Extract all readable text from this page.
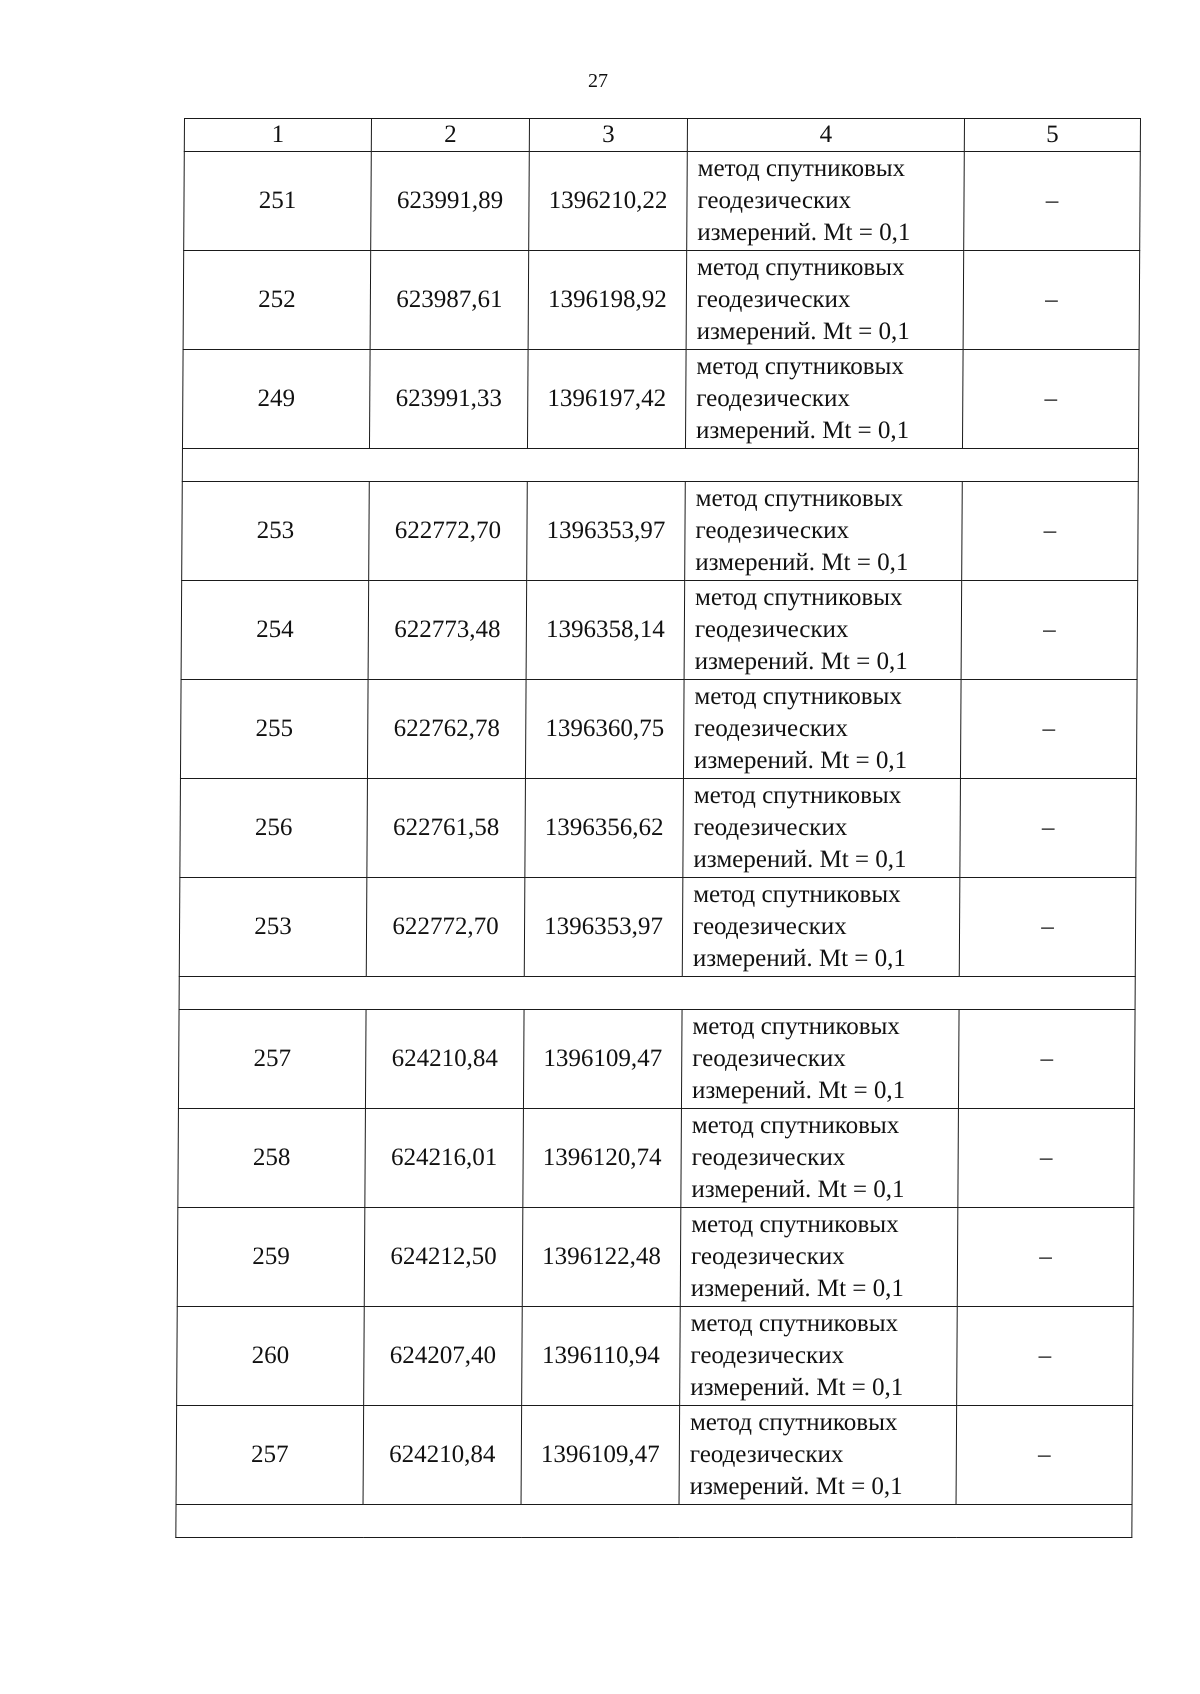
27
1	2	3	4	5
251	623991,89	1396210,22	метод спутниковых
геодезических
измерений. Mt = 0,1	–
252	623987,61	1396198,92	метод спутниковых
геодезических
измерений. Mt = 0,1	–
249	623991,33	1396197,42	метод спутниковых
геодезических
измерений. Mt = 0,1	–

253	622772,70	1396353,97	метод спутниковых
геодезических
измерений. Mt = 0,1	–
254	622773,48	1396358,14	метод спутниковых
геодезических
измерений. Mt = 0,1	–
255	622762,78	1396360,75	метод спутниковых
геодезических
измерений. Mt = 0,1	–
256	622761,58	1396356,62	метод спутниковых
геодезических
измерений. Mt = 0,1	–
253	622772,70	1396353,97	метод спутниковых
геодезических
измерений. Mt = 0,1	–

257	624210,84	1396109,47	метод спутниковых
геодезических
измерений. Mt = 0,1	–
258	624216,01	1396120,74	метод спутниковых
геодезических
измерений. Mt = 0,1	–
259	624212,50	1396122,48	метод спутниковых
геодезических
измерений. Mt = 0,1	–
260	624207,40	1396110,94	метод спутниковых
геодезических
измерений. Mt = 0,1	–
257	624210,84	1396109,47	метод спутниковых
геодезических
измерений. Mt = 0,1	–
